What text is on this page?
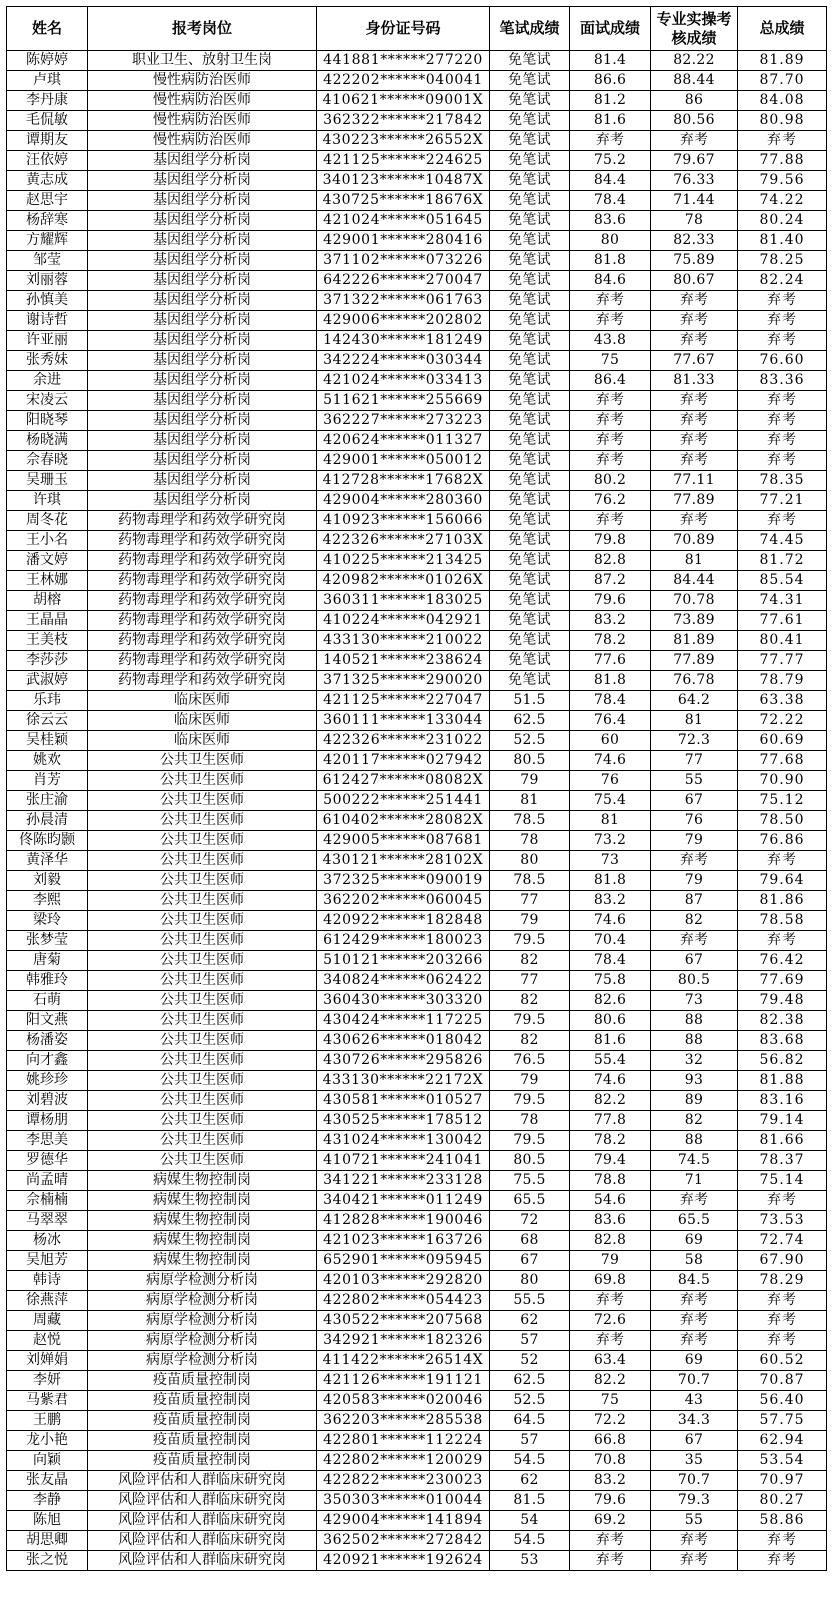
姓名	报考岗位	身份证号码	笔试成绩	面试成绩	专业实操考核成绩	总成绩
陈婷婷	职业卫生、放射卫生岗	441881******277220	免笔试	81.4	82.22	81.89
卢琪	慢性病防治医师	422202******040041	免笔试	86.6	88.44	87.70
李丹康	慢性病防治医师	410621******09001X	免笔试	81.2	86	84.08
毛侃敏	慢性病防治医师	362322******217842	免笔试	81.6	80.56	80.98
谭期友	慢性病防治医师	430223******26552X	免笔试	弃考	弃考	弃考
汪依婷	基因组学分析岗	421125******224625	免笔试	75.2	79.67	77.88
黄志成	基因组学分析岗	340123******10487X	免笔试	84.4	76.33	79.56
赵思宇	基因组学分析岗	430725******18676X	免笔试	78.4	71.44	74.22
杨辞寒	基因组学分析岗	421024******051645	免笔试	83.6	78	80.24
方耀辉	基因组学分析岗	429001******280416	免笔试	80	82.33	81.40
邹莹	基因组学分析岗	371102******073226	免笔试	81.8	75.89	78.25
刘丽蓉	基因组学分析岗	642226******270047	免笔试	84.6	80.67	82.24
孙慎美	基因组学分析岗	371322******061763	免笔试	弃考	弃考	弃考
谢诗哲	基因组学分析岗	429006******202802	免笔试	弃考	弃考	弃考
许亚丽	基因组学分析岗	142430******181249	免笔试	43.8	弃考	弃考
张秀妹	基因组学分析岗	342224******030344	免笔试	75	77.67	76.60
余进	基因组学分析岗	421024******033413	免笔试	86.4	81.33	83.36
宋凌云	基因组学分析岗	511621******255669	免笔试	弃考	弃考	弃考
阳晓琴	基因组学分析岗	362227******273223	免笔试	弃考	弃考	弃考
杨晓满	基因组学分析岗	420624******011327	免笔试	弃考	弃考	弃考
佘春晓	基因组学分析岗	429001******050012	免笔试	弃考	弃考	弃考
吴珊玉	基因组学分析岗	412728******17682X	免笔试	80.2	77.11	78.35
许琪	基因组学分析岗	429004******280360	免笔试	76.2	77.89	77.21
周冬花	药物毒理学和药效学研究岗	410923******156066	免笔试	弃考	弃考	弃考
王小名	药物毒理学和药效学研究岗	422326******27103X	免笔试	79.8	70.89	74.45
潘文婷	药物毒理学和药效学研究岗	410225******213425	免笔试	82.8	81	81.72
王林娜	药物毒理学和药效学研究岗	420982******01026X	免笔试	87.2	84.44	85.54
胡榕	药物毒理学和药效学研究岗	360311******183025	免笔试	79.6	70.78	74.31
王晶晶	药物毒理学和药效学研究岗	410224******042921	免笔试	83.2	73.89	77.61
王美枝	药物毒理学和药效学研究岗	433130******210022	免笔试	78.2	81.89	80.41
李莎莎	药物毒理学和药效学研究岗	140521******238624	免笔试	77.6	77.89	77.77
武淑婷	药物毒理学和药效学研究岗	371325******290020	免笔试	81.8	76.78	78.79
乐玮	临床医师	421125******227047	51.5	78.4	64.2	63.38
徐云云	临床医师	360111******133044	62.5	76.4	81	72.22
吴桂颖	临床医师	422326******231022	52.5	60	72.3	60.69
姚欢	公共卫生医师	420117******027942	80.5	74.6	77	77.68
肖芳	公共卫生医师	612427******08082X	79	76	55	70.90
张庄渝	公共卫生医师	500222******251441	81	75.4	67	75.12
孙晨清	公共卫生医师	610402******28082X	78.5	81	76	78.50
佟陈昀颢	公共卫生医师	429005******087681	78	73.2	79	76.86
黄泽华	公共卫生医师	430121******28102X	80	73	弃考	弃考
刘毅	公共卫生医师	372325******090019	78.5	81.8	79	79.64
李熙	公共卫生医师	362202******060045	77	83.2	87	81.86
梁玲	公共卫生医师	420922******182848	79	74.6	82	78.58
张梦莹	公共卫生医师	612429******180023	79.5	70.4	弃考	弃考
唐菊	公共卫生医师	510121******203266	82	78.4	67	76.42
韩雅玲	公共卫生医师	340824******062422	77	75.8	80.5	77.69
石萌	公共卫生医师	360430******303320	82	82.6	73	79.48
阳文燕	公共卫生医师	430424******117225	79.5	80.6	88	82.38
杨潘姿	公共卫生医师	430626******018042	82	81.6	88	83.68
向才鑫	公共卫生医师	430726******295826	76.5	55.4	32	56.82
姚珍珍	公共卫生医师	433130******22172X	79	74.6	93	81.88
刘碧波	公共卫生医师	430581******010527	79.5	82.2	89	83.16
谭杨朋	公共卫生医师	430525******178512	78	77.8	82	79.14
李思美	公共卫生医师	431024******130042	79.5	78.2	88	81.66
罗德华	公共卫生医师	410721******241041	80.5	79.4	74.5	78.37
尚孟晴	病媒生物控制岗	341221******233128	75.5	78.8	71	75.14
佘楠楠	病媒生物控制岗	340421******011249	65.5	54.6	弃考	弃考
马翠翠	病媒生物控制岗	412828******190046	72	83.6	65.5	73.53
杨冰	病媒生物控制岗	421023******163726	68	82.8	69	72.74
吴旭芳	病媒生物控制岗	652901******095945	67	79	58	67.90
韩诗	病原学检测分析岗	420103******292820	80	69.8	84.5	78.29
徐燕萍	病原学检测分析岗	422802******054423	55.5	弃考	弃考	弃考
周藏	病原学检测分析岗	430522******207568	62	72.6	弃考	弃考
赵悦	病原学检测分析岗	342921******182326	57	弃考	弃考	弃考
刘婵娟	病原学检测分析岗	411422******26514X	52	63.4	69	60.52
李妍	疫苗质量控制岗	421126******191121	62.5	82.2	70.7	70.87
马紫君	疫苗质量控制岗	420583******020046	52.5	75	43	56.40
王鹏	疫苗质量控制岗	362203******285538	64.5	72.2	34.3	57.75
龙小艳	疫苗质量控制岗	422801******112224	57	66.8	67	62.94
向颖	疫苗质量控制岗	422802******120029	54.5	70.8	35	53.54
张友晶	风险评估和人群临床研究岗	422822******230023	62	83.2	70.7	70.97
李静	风险评估和人群临床研究岗	350303******010044	81.5	79.6	79.3	80.27
陈旭	风险评估和人群临床研究岗	429004******141894	54	69.2	55	58.86
胡思卿	风险评估和人群临床研究岗	362502******272842	54.5	弃考	弃考	弃考
张之悦	风险评估和人群临床研究岗	420921******192624	53	弃考	弃考	弃考
